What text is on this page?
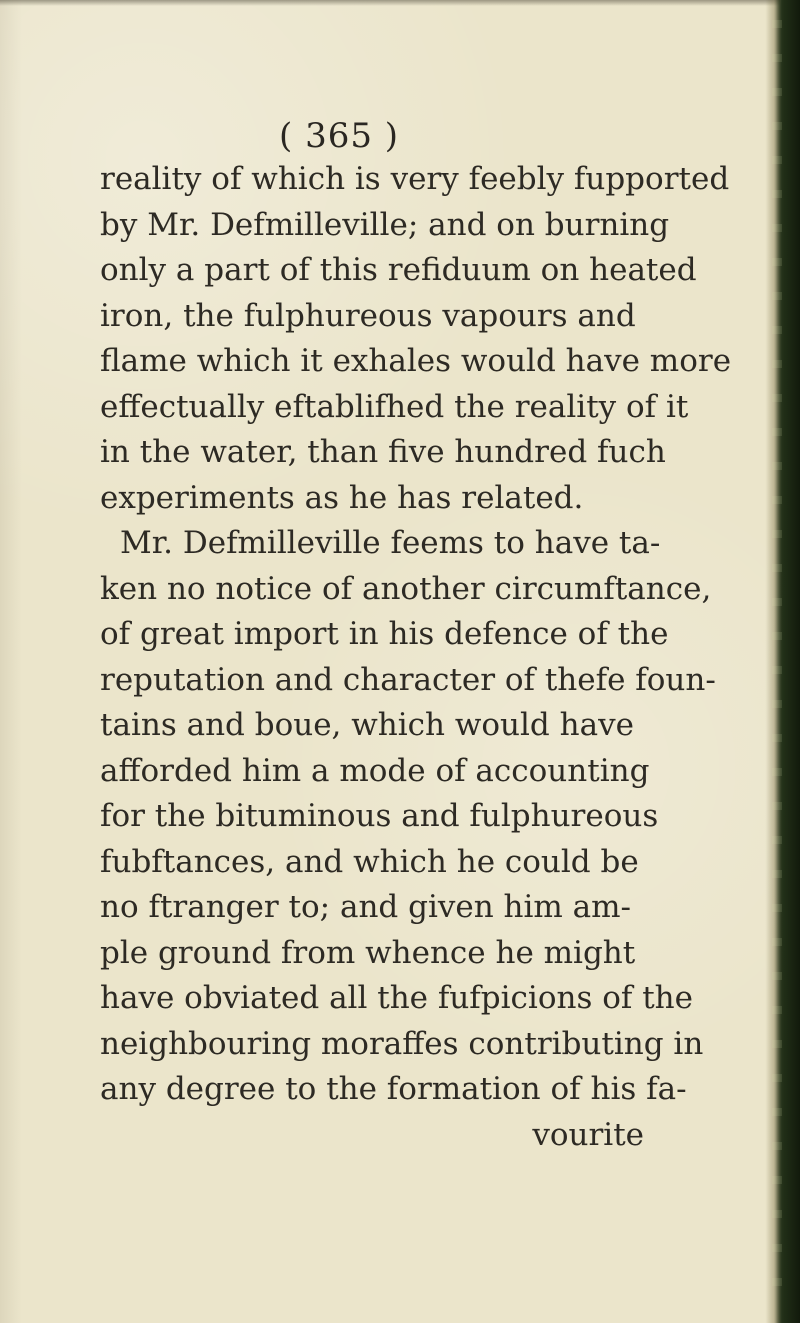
( 365 )
reality of which is very feebly fupported
by Mr. Defmilleville; and on burning
only a part of this refiduum on heated
iron, the fulphureous vapours and
flame which it exhales would have more
effectually eftablifhed the reality of it
in the water, than five hundred fuch
experiments as he has related.
Mr. Defmilleville feems to have ta-
ken no notice of another circumftance,
of great import in his defence of the
reputation and character of thefe foun-
tains and boue, which would have
afforded him a mode of accounting
for the bituminous and fulphureous
fubftances, and which he could be
no ftranger to; and given him am-
ple ground from whence he might
have obviated all the fufpicions of the
neighbouring moraffes contributing in
any degree to the formation of his fa-
vourite
